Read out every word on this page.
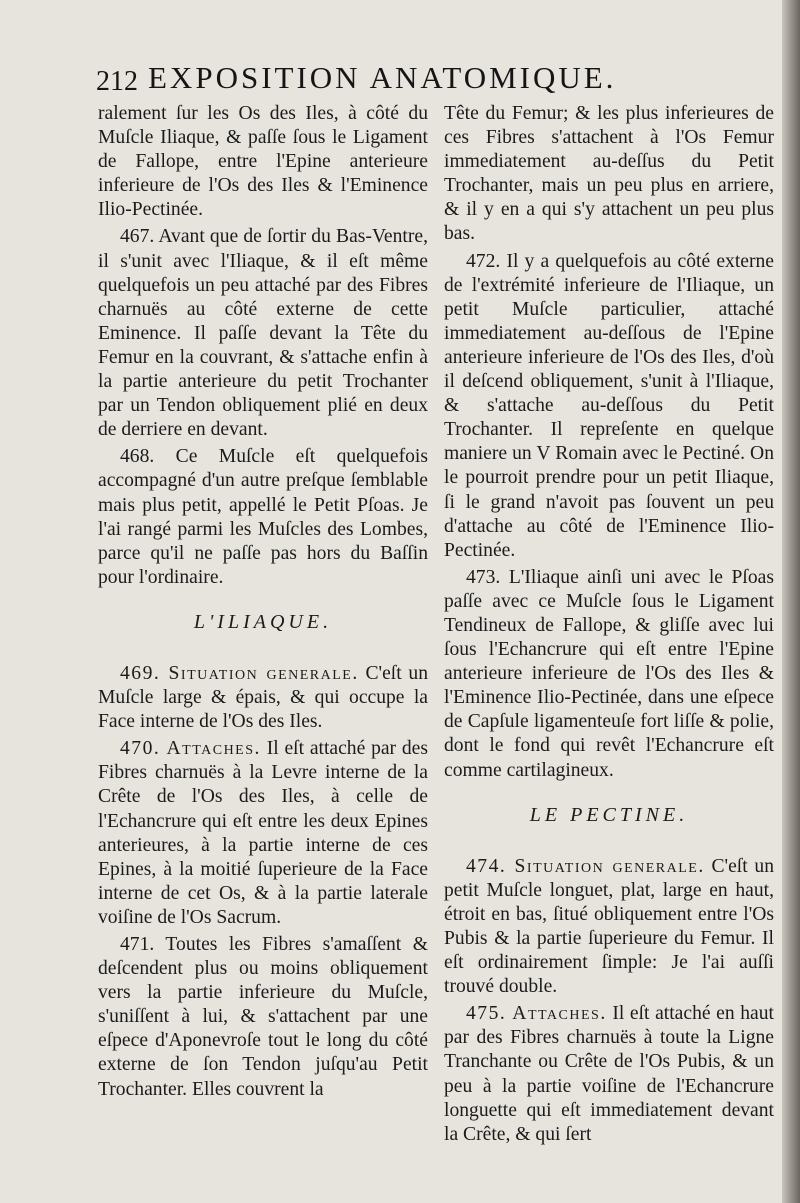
212 EXPOSITION ANATOMIQUE.

ralement ſur les Os des Iles, à côté du Muſcle Iliaque, & paſſe ſous le Ligament de Fallope, entre l'Epine anterieure inferieure de l'Os des Iles & l'Eminence Ilio-Pectinée.

467. Avant que de ſortir du Bas-Ventre, il s'unit avec l'Iliaque, & il eſt même quelquefois un peu attaché par des Fibres charnuës au côté externe de cette Eminence. Il paſſe devant la Tête du Femur en la couvrant, & s'attache enfin à la partie anterieure du petit Trochanter par un Tendon obliquement plié en deux de derriere en devant.

468. Ce Muſcle eſt quelquefois accompagné d'un autre preſque ſemblable mais plus petit, appellé le Petit Pſoas. Je l'ai rangé parmi les Muſcles des Lombes, parce qu'il ne paſſe pas hors du Baſſin pour l'ordinaire.

L'ILIAQUE.

469. Situation generale. C'eſt un Muſcle large & épais, & qui occupe la Face interne de l'Os des Iles.

470. Attaches. Il eſt attaché par des Fibres charnuës à la Levre interne de la Crête de l'Os des Iles, à celle de l'Echancrure qui eſt entre les deux Epines anterieures, à la partie interne de ces Epines, à la moitié ſuperieure de la Face interne de cet Os, & à la partie laterale voiſine de l'Os Sacrum.

471. Toutes les Fibres s'amaſſent & deſcendent plus ou moins obliquement vers la partie inferieure du Muſcle, s'uniſſent à lui, & s'attachent par une eſpece d'Aponevroſe tout le long du côté externe de ſon Tendon juſqu'au Petit Trochanter. Elles couvrent la

Tête du Femur; & les plus inferieures de ces Fibres s'attachent à l'Os Femur immediatement au-deſſus du Petit Trochanter, mais un peu plus en arriere, & il y en a qui s'y attachent un peu plus bas.

472. Il y a quelquefois au côté externe de l'extrémité inferieure de l'Iliaque, un petit Muſcle particulier, attaché immediatement au-deſſous de l'Epine anterieure inferieure de l'Os des Iles, d'où il deſcend obliquement, s'unit à l'Iliaque, & s'attache au-deſſous du Petit Trochanter. Il repreſente en quelque maniere un V Romain avec le Pectiné. On le pourroit prendre pour un petit Iliaque, ſi le grand n'avoit pas ſouvent un peu d'attache au côté de l'Eminence Ilio-Pectinée.

473. L'Iliaque ainſi uni avec le Pſoas paſſe avec ce Muſcle ſous le Ligament Tendineux de Fallope, & gliſſe avec lui ſous l'Echancrure qui eſt entre l'Epine anterieure inferieure de l'Os des Iles & l'Eminence Ilio-Pectinée, dans une eſpece de Capſule ligamenteuſe fort liſſe & polie, dont le fond qui revêt l'Echancrure eſt comme cartilagineux.

LE PECTINE.

474. Situation generale. C'eſt un petit Muſcle longuet, plat, large en haut, étroit en bas, ſitué obliquement entre l'Os Pubis & la partie ſuperieure du Femur. Il eſt ordinairement ſimple: Je l'ai auſſi trouvé double.

475. Attaches. Il eſt attaché en haut par des Fibres charnuës à toute la Ligne Tranchante ou Crête de l'Os Pubis, & un peu à la partie voiſine de l'Echancrure longuette qui eſt immediatement devant la Crête, & qui ſert
